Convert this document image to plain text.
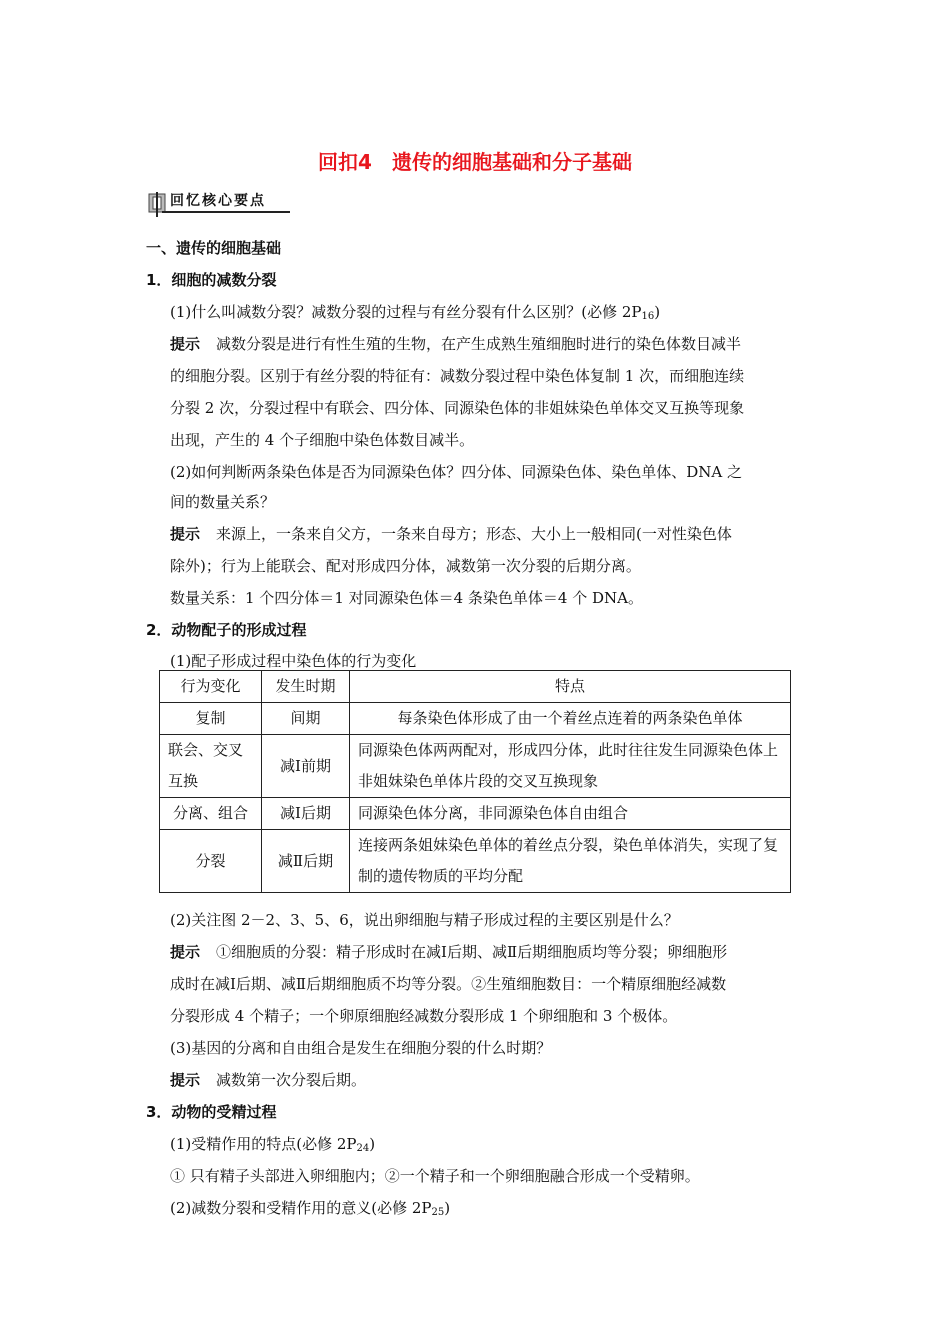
回扣4　遗传的细胞基础和分子基础
回忆核心要点
一、遗传的细胞基础
1．细胞的减数分裂
(1)什么叫减数分裂？减数分裂的过程与有丝分裂有什么区别？(必修 $2P_{16}$)
提示 减数分裂是进行有性生殖的生物，在产生成熟生殖细胞时进行的染色体数目减半
的细胞分裂。区别于有丝分裂的特征有：减数分裂过程中染色体复制 1 次，而细胞连续
分裂 2 次，分裂过程中有联会、四分体、同源染色体的非姐妹染色单体交叉互换等现象
出现，产生的 4 个子细胞中染色体数目减半。
(2)如何判断两条染色体是否为同源染色体？四分体、同源染色体、染色单体、DNA 之
间的数量关系？
提示 来源上，一条来自父方，一条来自母方；形态、大小上一般相同(一对性染色体
除外)；行为上能联会、配对形成四分体，减数第一次分裂的后期分离。
数量关系：1 个四分体＝1 对同源染色体＝4 条染色单体＝4 个 DNA。
2．动物配子的形成过程
(1)配子形成过程中染色体的行为变化
行为变化	发生时期	特点
复制	间期	每条染色体形成了由一个着丝点连着的两条染色单体
联会、交叉互换	减Ⅰ前期	同源染色体两两配对，形成四分体，此时往往发生同源染色体上非姐妹染色单体片段的交叉互换现象
分离、组合	减Ⅰ后期	同源染色体分离，非同源染色体自由组合
分裂	减Ⅱ后期	连接两条姐妹染色单体的着丝点分裂，染色单体消失，实现了复制的遗传物质的平均分配
(2)关注图 2－2、3、5、6，说出卵细胞与精子形成过程的主要区别是什么？
提示 ①细胞质的分裂：精子形成时在减Ⅰ后期、减Ⅱ后期细胞质均等分裂；卵细胞形
成时在减Ⅰ后期、减Ⅱ后期细胞质不均等分裂。②生殖细胞数目：一个精原细胞经减数
分裂形成 4 个精子；一个卵原细胞经减数分裂形成 1 个卵细胞和 3 个极体。
(3)基因的分离和自由组合是发生在细胞分裂的什么时期？
提示 减数第一次分裂后期。
3．动物的受精过程
(1)受精作用的特点(必修 $2P_{24}$)
① 只有精子头部进入卵细胞内；②一个精子和一个卵细胞融合形成一个受精卵。
(2)减数分裂和受精作用的意义(必修 $2P_{25}$)
